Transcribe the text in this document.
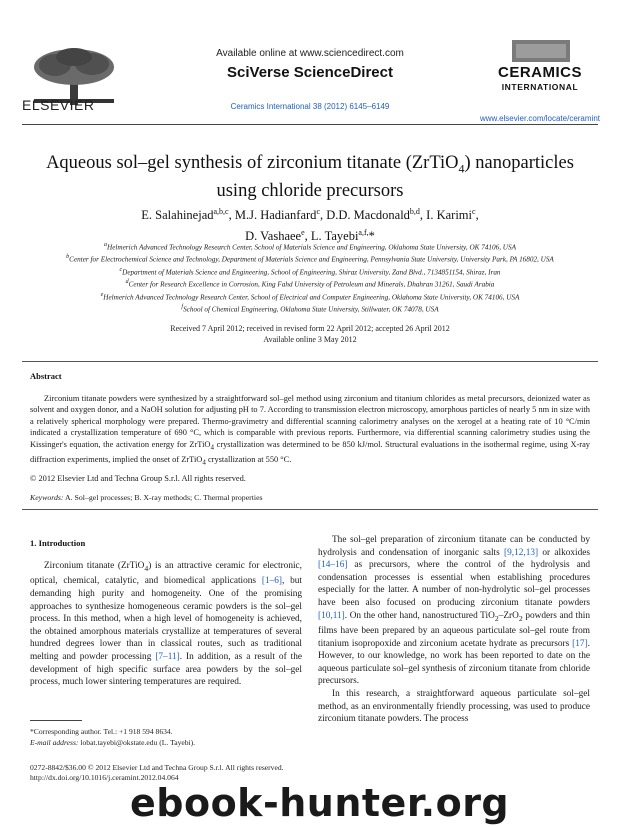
ELSEVIER
Available online at www.sciencedirect.com
SciVerse ScienceDirect
Ceramics International 38 (2012) 6145–6149
CERAMICS
INTERNATIONAL
www.elsevier.com/locate/ceramint
Aqueous sol–gel synthesis of zirconium titanate (ZrTiO$_4$) nanoparticles
using chloride precursors
E. Salahinejad$^{a,b,c}$, M.J. Hadianfard$^c$, D.D. Macdonald$^{b,d}$, I. Karimi$^c$,
D. Vashaee$^e$, L. Tayebi$^{a,f,}$*
$^a$Helmerich Advanced Technology Research Center, School of Materials Science and Engineering, Oklahoma State University, OK 74106, USA
$^b$Center for Electrochemical Science and Technology, Department of Materials Science and Engineering, Pennsylvania State University, University Park, PA 16802, USA
$^c$Department of Materials Science and Engineering, School of Engineering, Shiraz University, Zand Blvd., 7134851154, Shiraz, Iran
$^d$Center for Research Excellence in Corrosion, King Fahd University of Petroleum and Minerals, Dhahran 31261, Saudi Arabia
$^e$Helmerich Advanced Technology Research Center, School of Electrical and Computer Engineering, Oklahoma State University, OK 74106, USA
$^f$School of Chemical Engineering, Oklahoma State University, Stillwater, OK 74078, USA
Received 7 April 2012; received in revised form 22 April 2012; accepted 26 April 2012
Available online 3 May 2012
Abstract
Zirconium titanate powders were synthesized by a straightforward sol–gel method using zirconium and titanium chlorides as metal precursors, deionized water as solvent and oxygen donor, and a NaOH solution for adjusting pH to 7. According to transmission electron microscopy, amorphous particles of nearly 5 nm in size with a relatively spherical morphology were prepared. Thermo-gravimetry and differential scanning calorimetry analyses on the xerogel at a heating rate of 10 °C/min indicated a crystallization temperature of 690 °C, which is comparable with previous reports. Furthermore, via differential scanning calorimetry studies using the Kissinger's equation, the activation energy for ZrTiO$_4$ crystallization was determined to be 850 kJ/mol. Structural evaluations in the isothermal regime, using X-ray diffraction experiments, implied the onset of ZrTiO$_4$ crystallization at 550 °C.
© 2012 Elsevier Ltd and Techna Group S.r.l. All rights reserved.
Keywords: A. Sol–gel processes; B. X-ray methods; C. Thermal properties
1. Introduction

Zirconium titanate (ZrTiO$_4$) is an attractive ceramic for electronic, optical, chemical, catalytic, and biomedical applications [1–6], but demanding high purity and homogeneity. One of the promising approaches to synthesize homogeneous ceramic powders is the sol–gel process. In this method, when a high level of homogeneity is achieved, the obtained amorphous materials crystallize at temperatures of several hundred degrees lower than in classical routes, such as traditional melting and powder processing [7–11]. In addition, as a result of the development of high specific surface area powders by the sol–gel process, much lower sintering temperatures are required.

The sol–gel preparation of zirconium titanate can be conducted by hydrolysis and condensation of inorganic salts [9,12,13] or alkoxides [14–16] as precursors, where the control of the hydrolysis and condensation processes is essential when establishing procedures especially for the latter. A number of non-hydrolytic sol–gel processes have been also focused on producing zirconium titanate powders [10,11]. On the other hand, nanostructured TiO$_2$–ZrO$_2$ powders and thin films have been prepared by an aqueous particulate sol–gel route from titanium isopropoxide and zirconium acetate hydrate as precursors [17]. However, to our knowledge, no work has been reported to date on the aqueous particulate sol–gel synthesis of zirconium titanate from chloride precursors.

In this research, a straightforward aqueous particulate sol–gel method, as an environmentally friendly processing, was used to produce zirconium titanate powders. The process

*Corresponding author. Tel.: +1 918 594 8634.
E-mail address: lobat.tayebi@okstate.edu (L. Tayebi).
0272-8842/$36.00 © 2012 Elsevier Ltd and Techna Group S.r.l. All rights reserved.
http://dx.doi.org/10.1016/j.ceramint.2012.04.064
ebook-hunter.org
